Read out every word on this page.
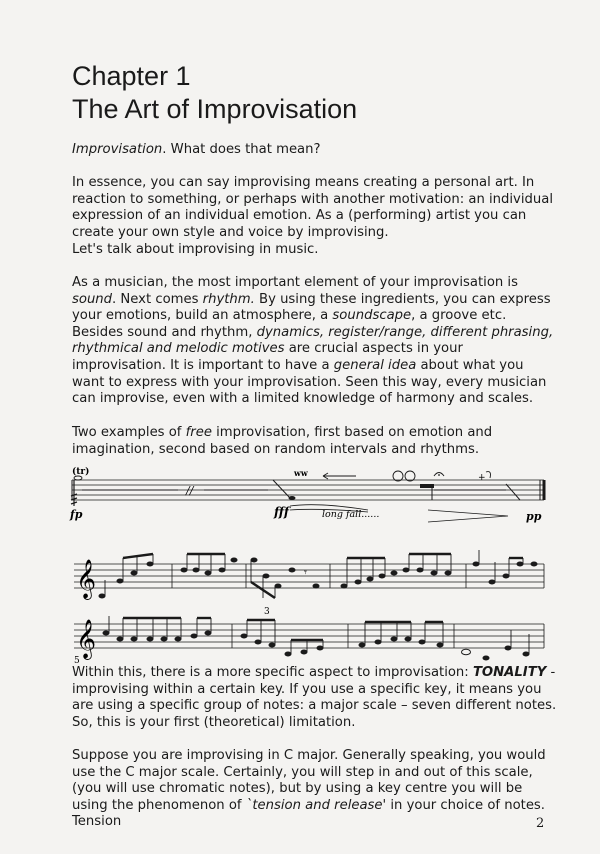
Chapter 1
The Art of Improvisation

Improvisation. What does that mean?

In essence, you can say improvising means creating a personal art. In reaction to something, or perhaps with another motivation: an individual expression of an individual emotion. As a (performing) artist you can create your own style and voice by improvising.

Let's talk about improvising in music.

As a musician, the most important element of your improvisation is sound. Next comes rhythm. By using these ingredients, you can express your emotions, build an atmosphere, a soundscape, a groove etc. Besides sound and rhythm, dynamics, register/range, different phrasing, rhythmical and melodic motives are crucial aspects in your improvisation. It is important to have a general idea about what you want to express with your improvisation. Seen this way, every musician can improvise, even with a limited knowledge of harmony and scales.

Two examples of free improvisation, first based on emotion and imagination, second based on random intervals and rhythms.

(tr)
fp
//
ww
fff	long fall......
+
pp
𝄞
3
𝄾
𝄞
5

Within this, there is a more specific aspect to improvisation: TONALITY - improvising within a certain key. If you use a specific key, it means you are using a specific group of notes: a major scale – seven different notes. So, this is your first (theoretical) limitation.

Suppose you are improvising in C major. Generally speaking, you would use the C major scale. Certainly, you will step in and out of this scale, (you will use chromatic notes), but by using a key centre you will be using the phenomenon of `tension and release' in your choice of notes. Tension	2
